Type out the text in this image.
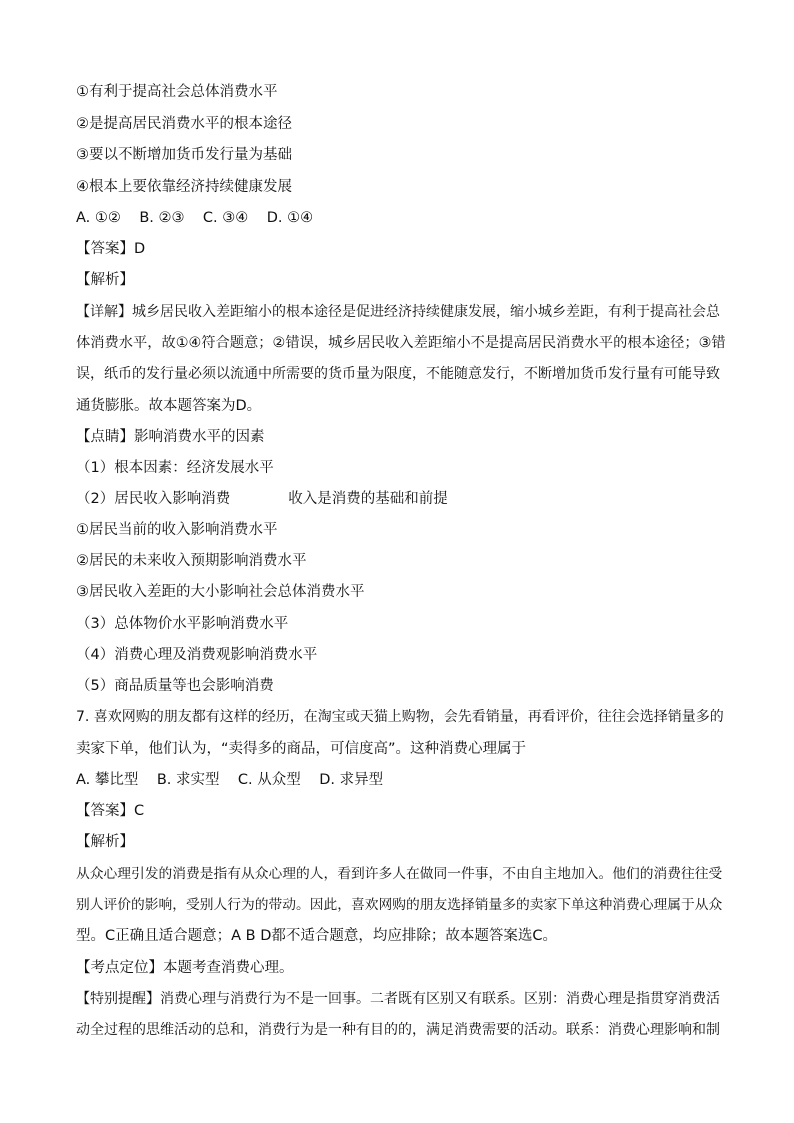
①有利于提高社会总体消费水平
②是提高居民消费水平的根本途径
③要以不断增加货币发行量为基础
④根本上要依靠经济持续健康发展
A. ①②    B. ②③    C. ③④    D. ①④
【答案】D
【解析】
【详解】城乡居民收入差距缩小的根本途径是促进经济持续健康发展，缩小城乡差距，有利于提高社会总
体消费水平，故①④符合题意；②错误，城乡居民收入差距缩小不是提高居民消费水平的根本途径；③错
误，纸币的发行量必须以流通中所需要的货币量为限度，不能随意发行，不断增加货币发行量有可能导致
通货膨胀。故本题答案为D。
【点睛】影响消费水平的因素
（1）根本因素：经济发展水平
（2）居民收入影响消费	收入是消费的基础和前提
①居民当前的收入影响消费水平
②居民的未来收入预期影响消费水平
③居民收入差距的大小影响社会总体消费水平
（3）总体物价水平影响消费水平
（4）消费心理及消费观影响消费水平
（5）商品质量等也会影响消费
7. 喜欢网购的朋友都有这样的经历，在淘宝或天猫上购物，会先看销量，再看评价，往往会选择销量多的
卖家下单，他们认为，“卖得多的商品，可信度高”。这种消费心理属于
A. 攀比型    B. 求实型    C. 从众型    D. 求异型
【答案】C
【解析】
从众心理引发的消费是指有从众心理的人，看到许多人在做同一件事，不由自主地加入。他们的消费往往受
别人评价的影响，受别人行为的带动。因此，喜欢网购的朋友选择销量多的卖家下单这种消费心理属于从众
型。C正确且适合题意；A B D都不适合题意，均应排除；故本题答案选C。
【考点定位】本题考查消费心理。
【特别提醒】消费心理与消费行为不是一回事。二者既有区别又有联系。区别：消费心理是指贯穿消费活
动全过程的思维活动的总和，消费行为是一种有目的的，满足消费需要的活动。联系：消费心理影响和制
